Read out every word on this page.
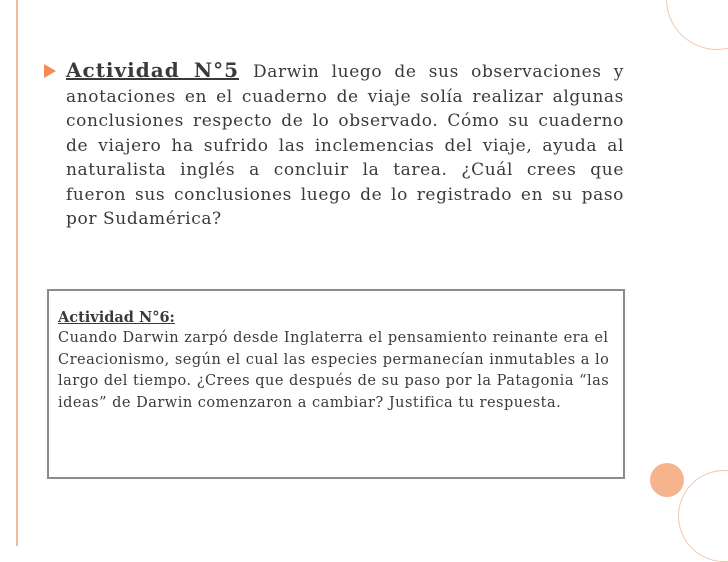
Actividad N°5 Darwin luego de sus observaciones y anotaciones en el cuaderno de viaje solía realizar algunas conclusiones respecto de lo observado. Cómo su cuaderno de viajero ha sufrido las inclemencias del viaje, ayuda al naturalista inglés a concluir la tarea. ¿Cuál crees que fueron sus conclusiones luego de lo registrado en su paso por Sudamérica?
Actividad N°6:
Cuando Darwin zarpó desde Inglaterra el pensamiento reinante era el Creacionismo, según el cual las especies permanecían inmutables a lo largo del tiempo. ¿Crees que después de su paso por la Patagonia “las ideas” de Darwin comenzaron a cambiar? Justifica tu respuesta.
